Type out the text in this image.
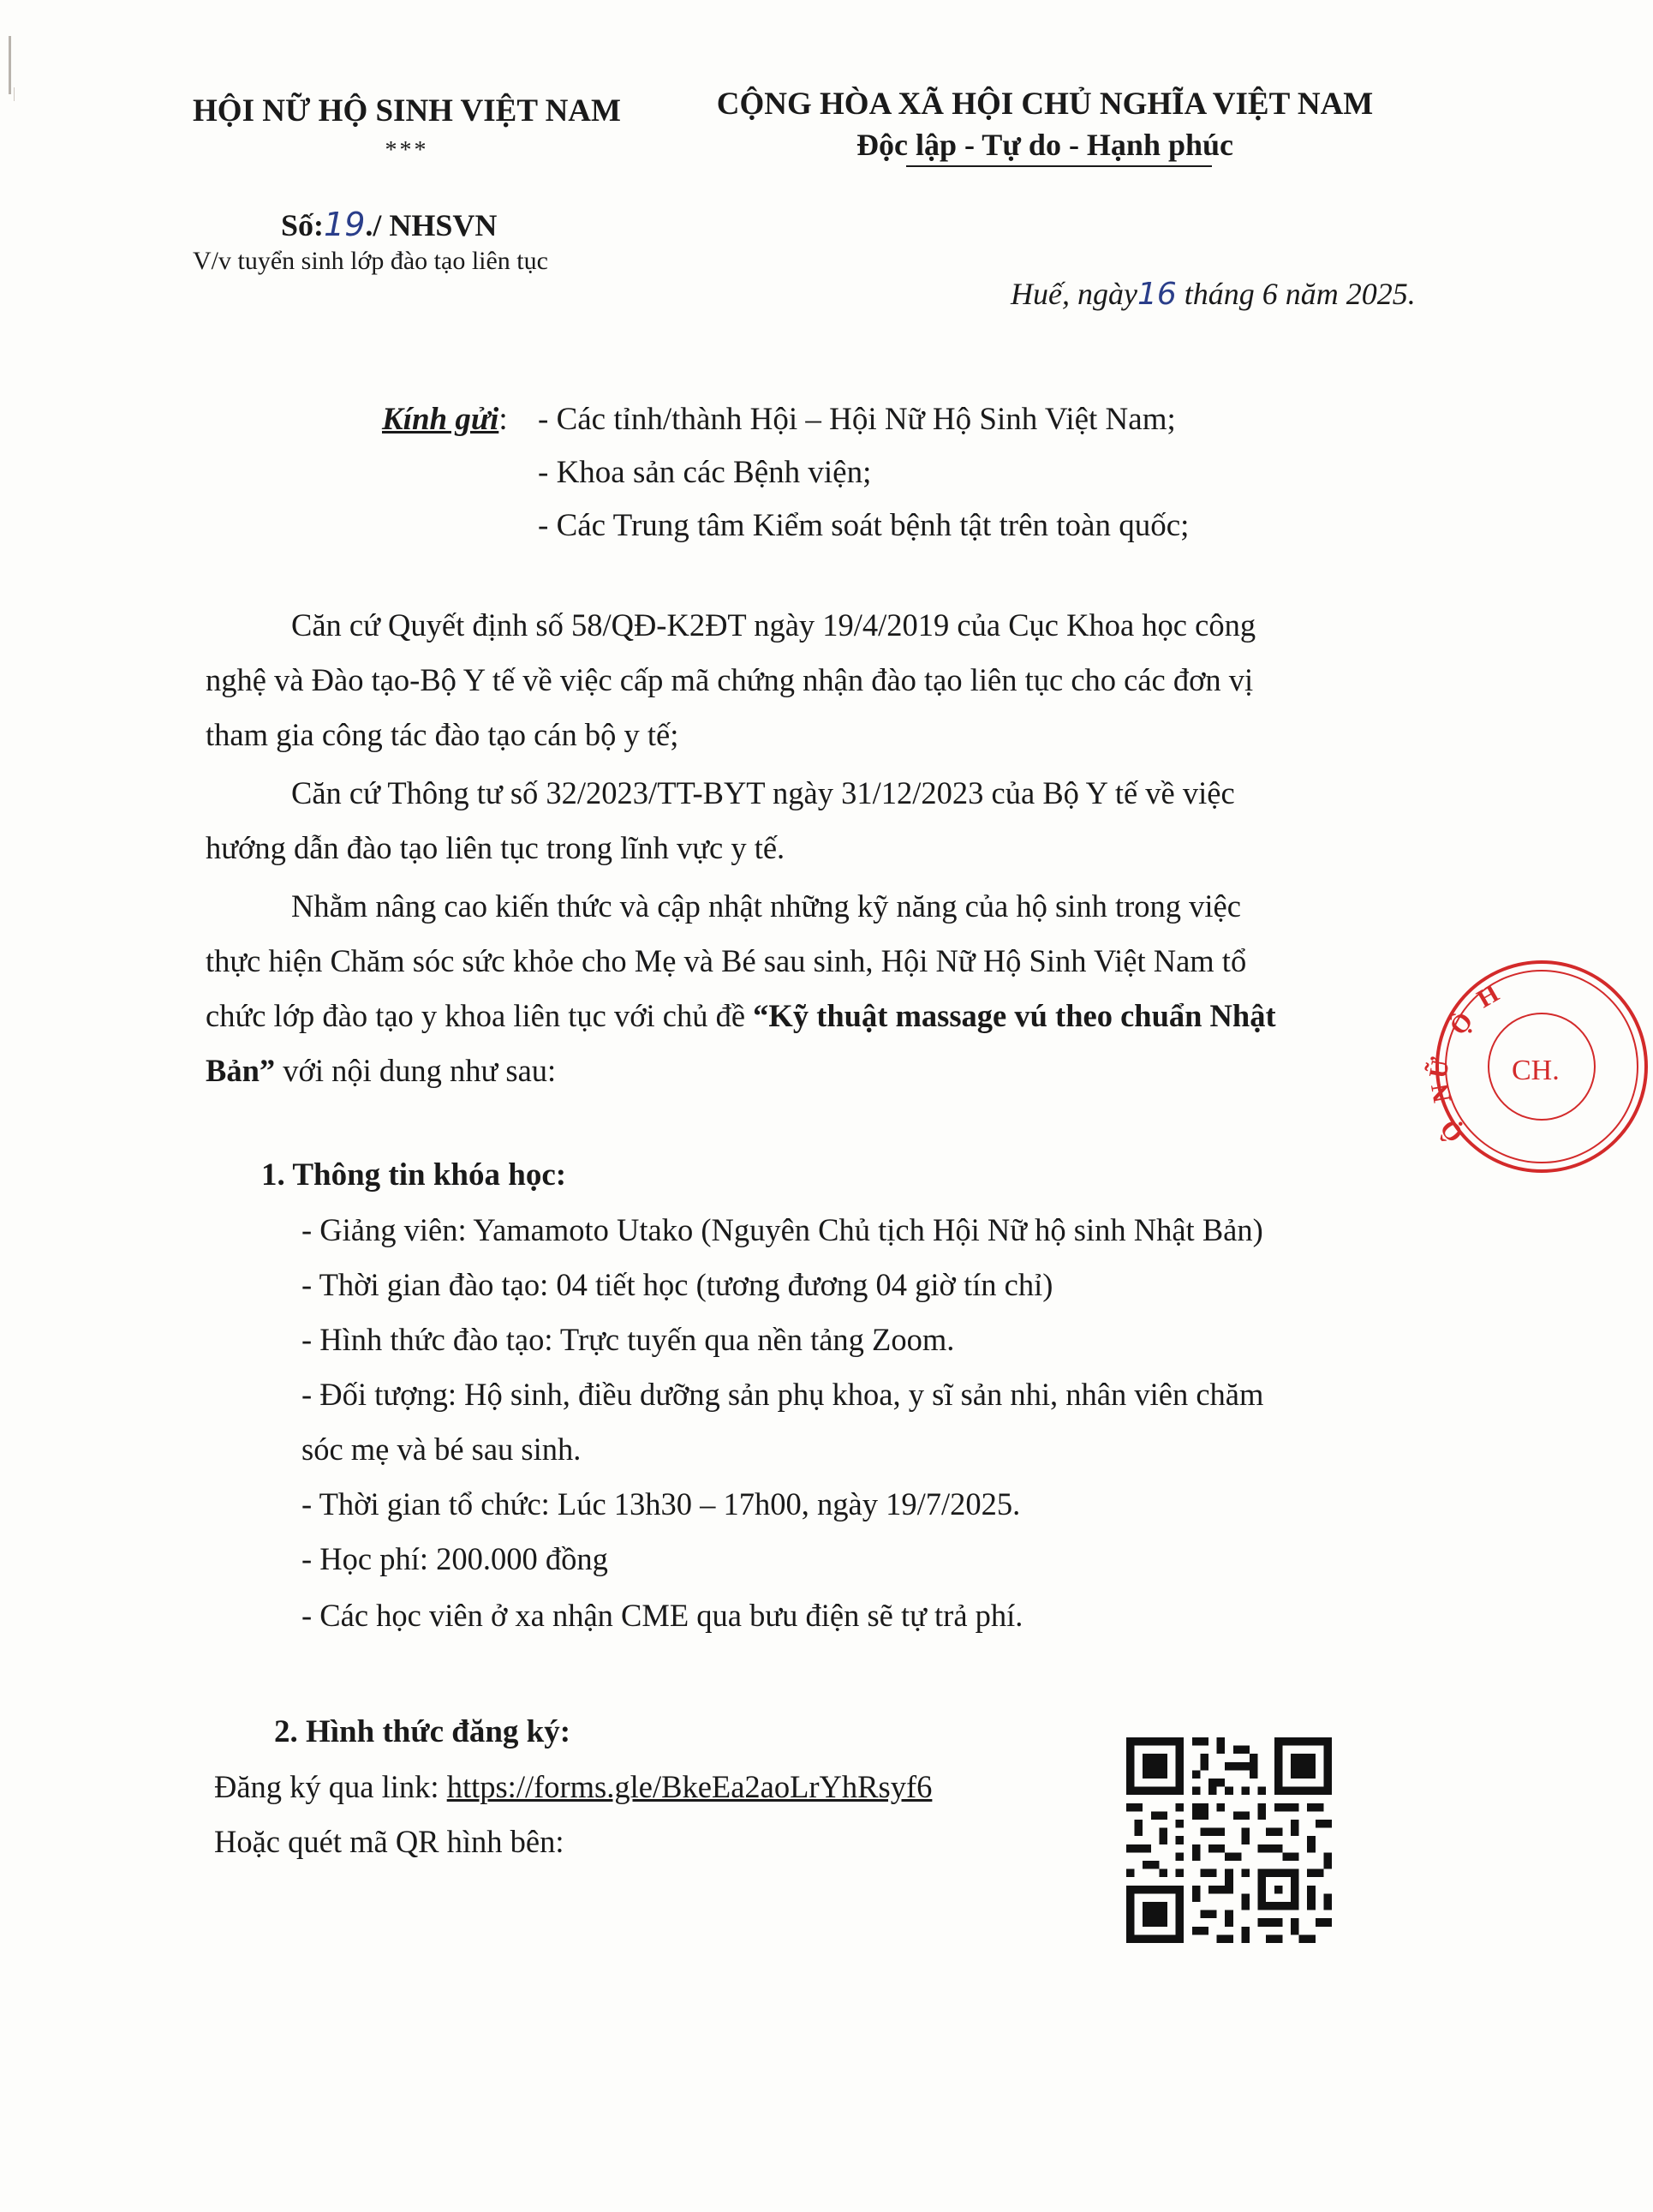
HỘI NỮ HỘ SINH VIỆT NAM
***
CỘNG HÒA XÃ HỘI CHỦ NGHĨA VIỆT NAM
Độc lập - Tự do - Hạnh phúc
Số:19./ NHSVN
V/v tuyển sinh lớp đào tạo liên tục
Huế, ngày16 tháng 6 năm 2025.
Kính gửi: - Các tỉnh/thành Hội – Hội Nữ Hộ Sinh Việt Nam;
- Khoa sản các Bệnh viện;
- Các Trung tâm Kiểm soát bệnh tật trên toàn quốc;
Căn cứ Quyết định số 58/QĐ-K2ĐT ngày 19/4/2019 của Cục Khoa học công
nghệ và Đào tạo-Bộ Y tế về việc cấp mã chứng nhận đào tạo liên tục cho các đơn vị
tham gia công tác đào tạo cán bộ y tế;
Căn cứ Thông tư số 32/2023/TT-BYT ngày 31/12/2023 của Bộ Y tế về việc
hướng dẫn đào tạo liên tục trong lĩnh vực y tế.
Nhằm nâng cao kiến thức và cập nhật những kỹ năng của hộ sinh trong việc
thực hiện Chăm sóc sức khỏe cho Mẹ và Bé sau sinh, Hội Nữ Hộ Sinh Việt Nam tổ
chức lớp đào tạo y khoa liên tục với chủ đề “Kỹ thuật massage vú theo chuẩn Nhật
Bản” với nội dung như sau:
1. Thông tin khóa học:
- Giảng viên: Yamamoto Utako (Nguyên Chủ tịch Hội Nữ hộ sinh Nhật Bản)
- Thời gian đào tạo: 04 tiết học (tương đương 04 giờ tín chỉ)
- Hình thức đào tạo: Trực tuyến qua nền tảng Zoom.
- Đối tượng: Hộ sinh, điều dưỡng sản phụ khoa, y sĩ sản nhi, nhân viên chăm
sóc mẹ và bé sau sinh.
- Thời gian tổ chức: Lúc 13h30 – 17h00, ngày 19/7/2025.
- Học phí: 200.000 đồng
- Các học viên ở xa nhận CME qua bưu điện sẽ tự trả phí.
2. Hình thức đăng ký:
Đăng ký qua link: https://forms.gle/BkeEa2aoLrYhRsyf6
Hoặc quét mã QR hình bên:
Ộ
Ữ
N
Ộ
H
CH.
